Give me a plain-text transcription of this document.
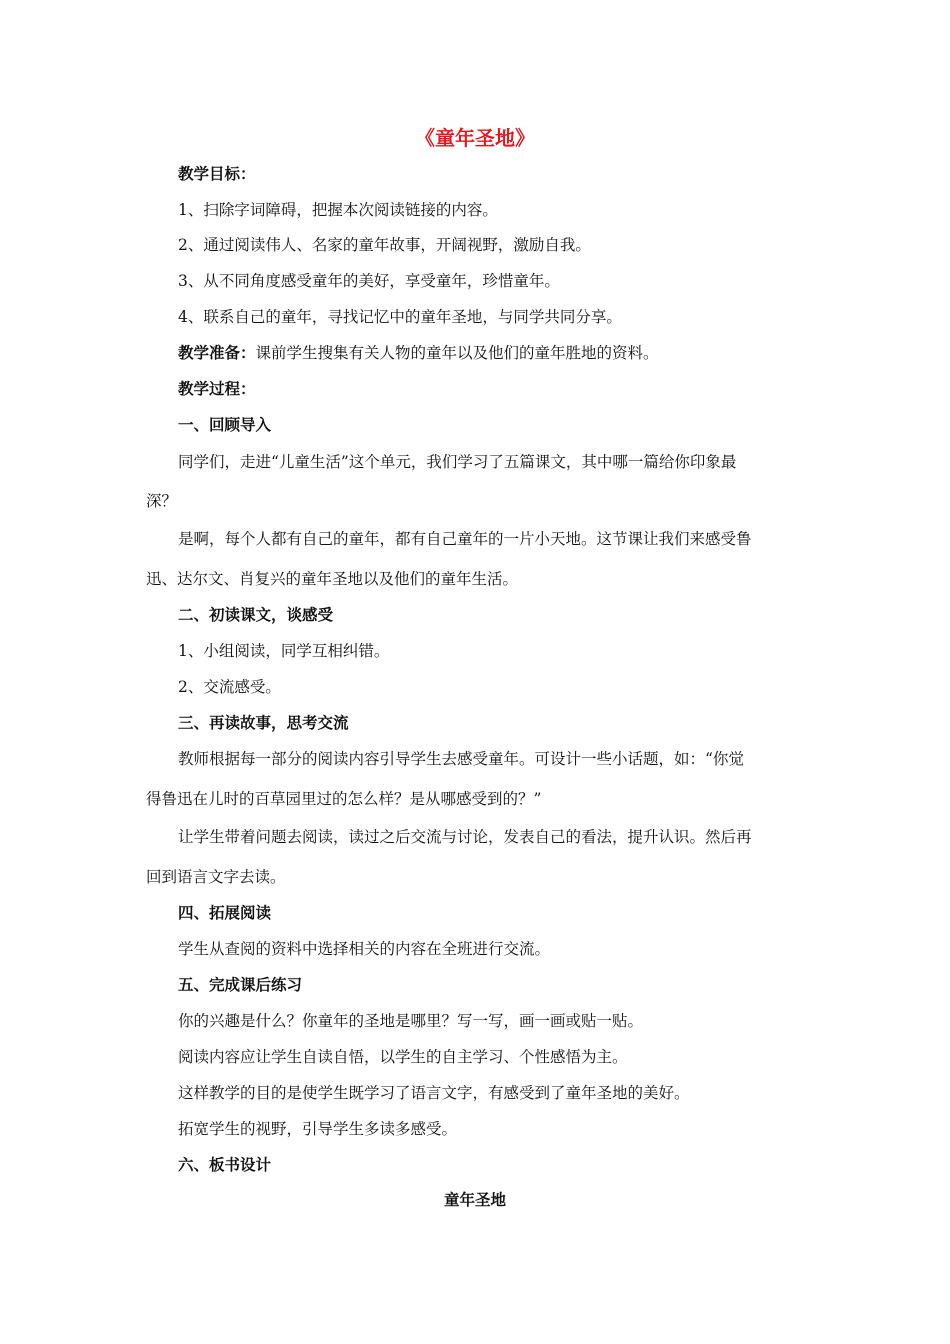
《童年圣地》

教学目标：

1、扫除字词障碍，把握本次阅读链接的内容。

2、通过阅读伟人、名家的童年故事，开阔视野，激励自我。

3、从不同角度感受童年的美好，享受童年，珍惜童年。

4、联系自己的童年，寻找记忆中的童年圣地，与同学共同分享。

教学准备：课前学生搜集有关人物的童年以及他们的童年胜地的资料。

教学过程：

一、回顾导入

同学们，走进“儿童生活”这个单元，我们学习了五篇课文，其中哪一篇给你印象最

深？

是啊，每个人都有自己的童年，都有自己童年的一片小天地。这节课让我们来感受鲁

迅、达尔文、肖复兴的童年圣地以及他们的童年生活。

二、初读课文，谈感受

1、小组阅读，同学互相纠错。

2、交流感受。

三、再读故事，思考交流

教师根据每一部分的阅读内容引导学生去感受童年。可设计一些小话题，如：“你觉

得鲁迅在儿时的百草园里过的怎么样？是从哪感受到的？”

让学生带着问题去阅读，读过之后交流与讨论，发表自己的看法，提升认识。然后再

回到语言文字去读。

四、拓展阅读

学生从查阅的资料中选择相关的内容在全班进行交流。

五、完成课后练习

你的兴趣是什么？你童年的圣地是哪里？写一写，画一画或贴一贴。

阅读内容应让学生自读自悟，以学生的自主学习、个性感悟为主。

这样教学的目的是使学生既学习了语言文字，有感受到了童年圣地的美好。

拓宽学生的视野，引导学生多读多感受。

六、板书设计

童年圣地
